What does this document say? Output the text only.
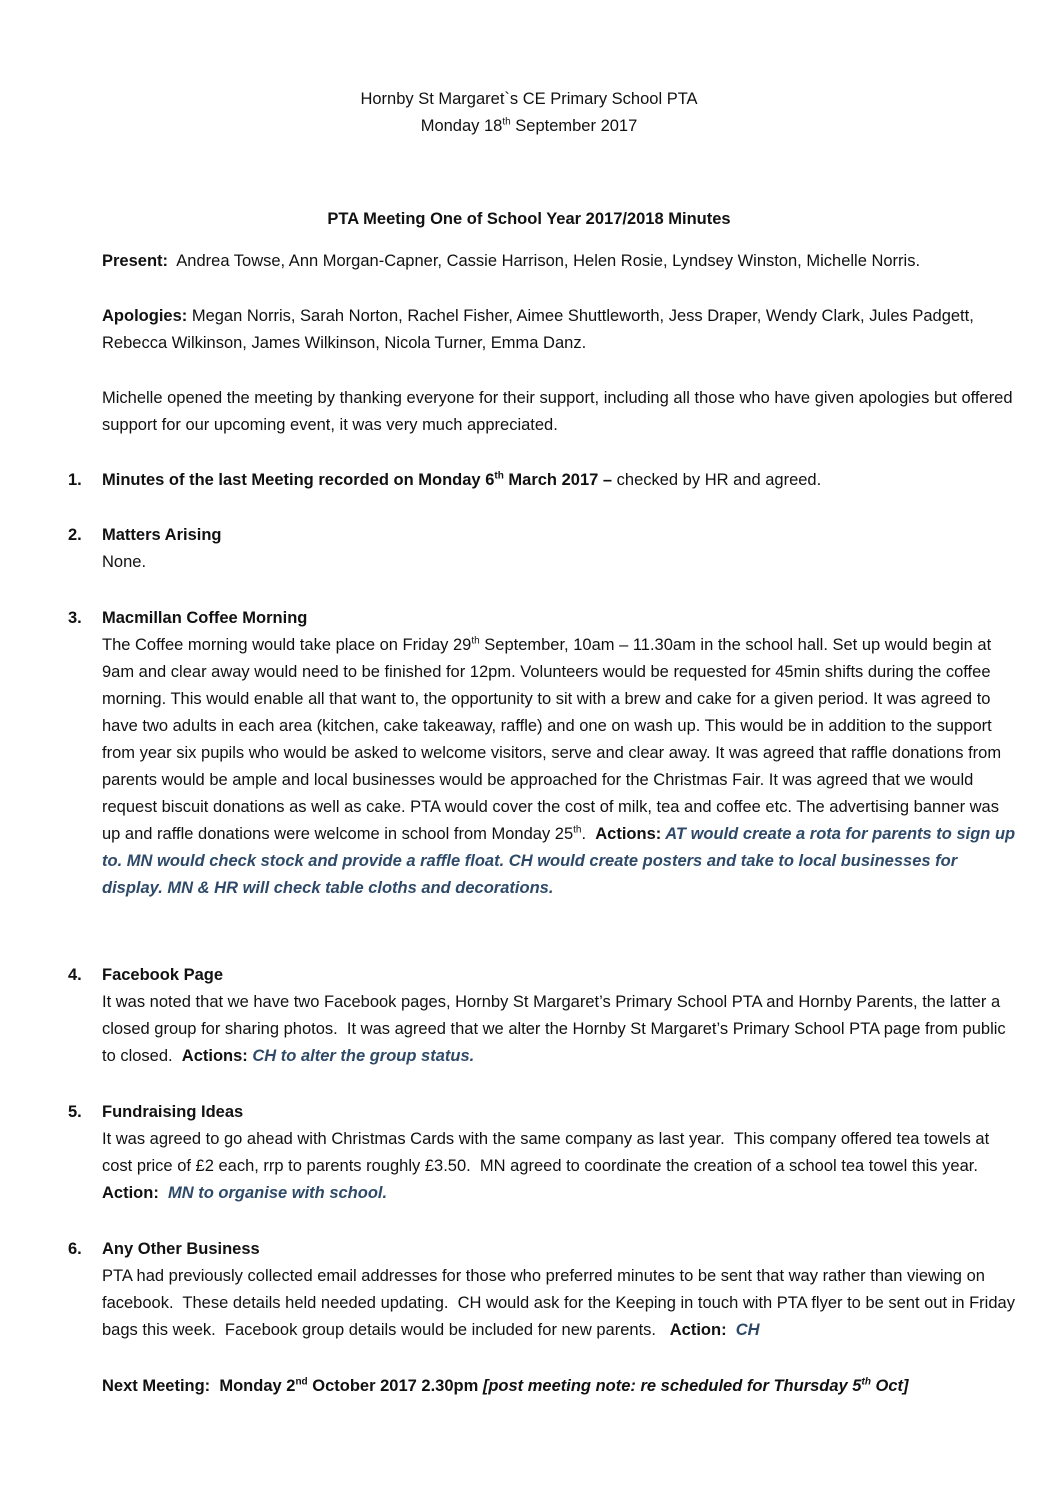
Hornby St Margaret`s CE Primary School PTA
Monday 18th September 2017
PTA Meeting One of School Year 2017/2018 Minutes
Present:  Andrea Towse, Ann Morgan-Capner, Cassie Harrison, Helen Rosie, Lyndsey Winston, Michelle Norris.
Apologies: Megan Norris, Sarah Norton, Rachel Fisher, Aimee Shuttleworth, Jess Draper, Wendy Clark, Jules Padgett, Rebecca Wilkinson, James Wilkinson, Nicola Turner, Emma Danz.
Michelle opened the meeting by thanking everyone for their support, including all those who have given apologies but offered support for our upcoming event, it was very much appreciated.
1.	Minutes of the last Meeting recorded on Monday 6th March 2017 – checked by HR and agreed.
2.	Matters Arising
None.
3.	Macmillan Coffee Morning
The Coffee morning would take place on Friday 29th September, 10am – 11.30am in the school hall. Set up would begin at 9am and clear away would need to be finished for 12pm. Volunteers would be requested for 45min shifts during the coffee morning. This would enable all that want to, the opportunity to sit with a brew and cake for a given period. It was agreed to have two adults in each area (kitchen, cake takeaway, raffle) and one on wash up. This would be in addition to the support from year six pupils who would be asked to welcome visitors, serve and clear away. It was agreed that raffle donations from parents would be ample and local businesses would be approached for the Christmas Fair. It was agreed that we would request biscuit donations as well as cake. PTA would cover the cost of milk, tea and coffee etc. The advertising banner was up and raffle donations were welcome in school from Monday 25th.  Actions: AT would create a rota for parents to sign up to. MN would check stock and provide a raffle float. CH would create posters and take to local businesses for display. MN & HR will check table cloths and decorations.
4.	Facebook Page
It was noted that we have two Facebook pages, Hornby St Margaret’s Primary School PTA and Hornby Parents, the latter a closed group for sharing photos.  It was agreed that we alter the Hornby St Margaret’s Primary School PTA page from public to closed.  Actions: CH to alter the group status.
5.	Fundraising Ideas
It was agreed to go ahead with Christmas Cards with the same company as last year.  This company offered tea towels at cost price of £2 each, rrp to parents roughly £3.50.  MN agreed to coordinate the creation of a school tea towel this year.  Action:  MN to organise with school.
6.	Any Other Business
PTA had previously collected email addresses for those who preferred minutes to be sent that way rather than viewing on facebook.  These details held needed updating.  CH would ask for the Keeping in touch with PTA flyer to be sent out in Friday bags this week.  Facebook group details would be included for new parents.   Action:  CH
Next Meeting:  Monday 2nd October 2017 2.30pm [post meeting note: re scheduled for Thursday 5th Oct]
